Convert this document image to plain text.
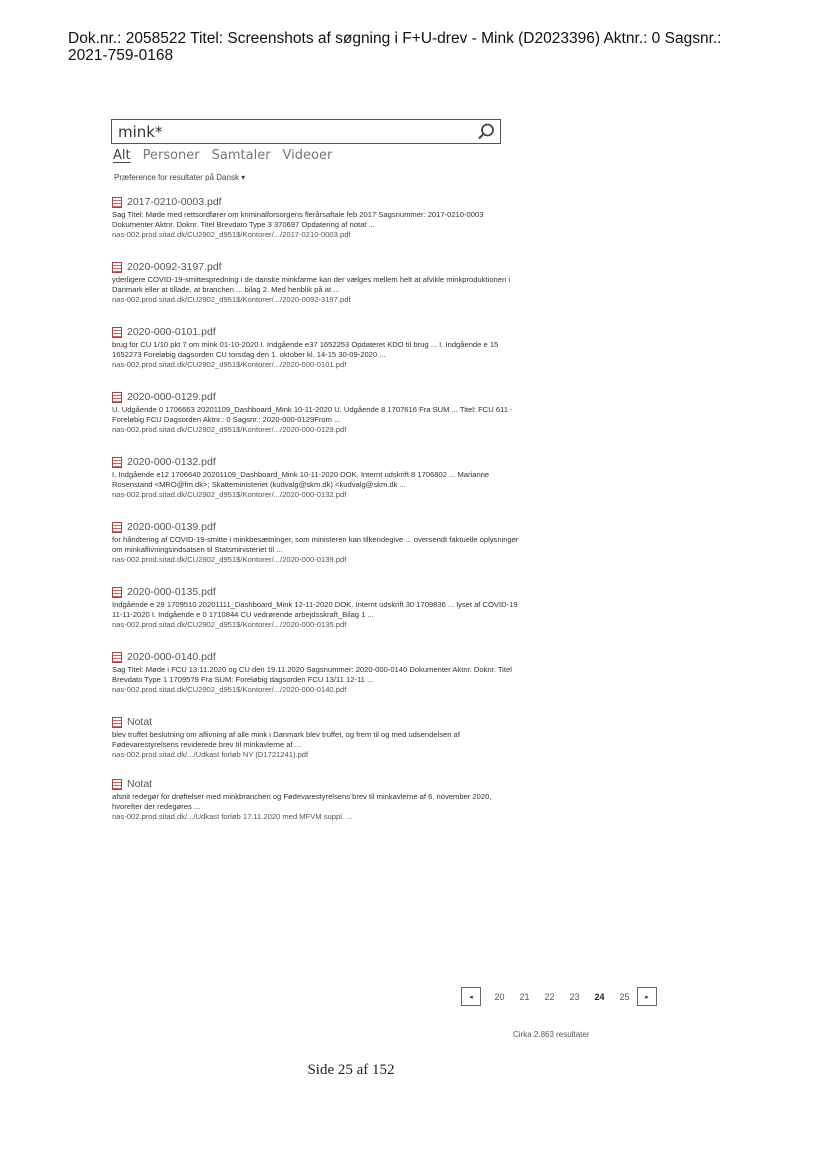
Dok.nr.: 2058522 Titel: Screenshots af søgning i F+U-drev - Mink (D2023396) Aktnr.: 0 Sagsnr.:
2021-759-0168
mink*
Alt Personer Samtaler Videoer
Præference for resultater på Dansk ▾
2017-0210-0003.pdf
Sag Titel: Møde med rettsordfører om kriminalforsorgens flerårsaftale feb 2017 Sagsnummer: 2017-0210-0003 Dokumenter Aktnr. Doknr. Titel Brevdato Type 3 370697 Opdatering af notat ...
nas-002.prod.sitad.dk/CU2902_d951$/Kontorer/.../2017-0210-0003.pdf
2020-0092-3197.pdf
yderligere COVID-19-smittespredning i de danske minkfarme kan der vælges mellem helt at afvikle minkproduktionen i Danmark eller at tillade, at branchen ... bilag 2. Med henblik på at ...
nas-002.prod.sitad.dk/CU2902_d951$/Kontorer/.../2020-0092-3197.pdf
2020-000-0101.pdf
brug for CU 1/10 pkt 7 om mink 01-10-2020 I. Indgående e37 1652253 Opdateret KDO til brug ... I. Indgående e 15 1652273 Foreløbig dagsorden CU torsdag den 1. oktober kl. 14-15 30-09-2020 ...
nas-002.prod.sitad.dk/CU2902_d951$/Kontorer/.../2020-000-0101.pdf
2020-000-0129.pdf
U. Udgående 0 1706663 20201109_Dashboard_Mink 10-11-2020 U. Udgående 8 1707616 Fra SUM ... Titel: FCU 611 - Foreløbig FCU Dagsorden Aktnr.: 0 Sagsnr.: 2020-000-0129From ...
nas-002.prod.sitad.dk/CU2902_d951$/Kontorer/.../2020-000-0129.pdf
2020-000-0132.pdf
I. Indgående e12 1706640 20201109_Dashboard_Mink 10-11-2020 DOK. Internt udskrift 8 1706802 ... Marianne Rosenstand <MRO@fm.dk>; Skatteministeriet (kudvalg@skm.dk) <kudvalg@skm.dk ...
nas-002.prod.sitad.dk/CU2902_d951$/Kontorer/.../2020-000-0132.pdf
2020-000-0139.pdf
for håndtering af COVID-19-smitte i minkbesætninger, som ministeren kan tilkendegive ... oversendt faktuelle oplysninger om minkaflivningsindsatsen til Statsministeriet til ...
nas-002.prod.sitad.dk/CU2902_d951$/Kontorer/.../2020-000-0139.pdf
2020-000-0135.pdf
Indgående e 29 1709510 20201111_Dashboard_Mink 12-11-2020 DOK. Internt udskrift 30 1709836 ... lyset af COVID-19 11-11-2020 I. Indgående e 0 1710844 CU vedrørende arbejdsskraft_Bilag 1 ...
nas-002.prod.sitad.dk/CU2902_d951$/Kontorer/.../2020-000-0135.pdf
2020-000-0140.pdf
Sag Titel: Møde i FCU 13.11.2020 og CU den 19.11.2020 Sagsnummer: 2020-000-0140 Dokumenter Aktnr. Doknr. Titel Brevdato Type 1 1709579 Fra SUM: Foreløbig dagsorden FCU 13/11 12-11 ...
nas-002.prod.sitad.dk/CU2902_d951$/Kontorer/.../2020-000-0140.pdf
Notat
blev truffet beslutning om aflivning af alle mink i Danmark blev truffet, og frem til og med udsendelsen af Fødevarestyrelsens reviderede brev til minkavlerne af ...
nas-002.prod.sitad.dk/.../Udkast forløb NY (D1721241).pdf
Notat
afsnit redegør for drøftelser med minkbranchen og Fødevarestyrelsens brev til minkavlerne af 6. november 2020, hvorefter der redegøres ...
nas-002.prod.sitad.dk/.../Udkast forløb 17.11.2020 med MFVM suppl. ...
◂	20	21	22	23	24	25	▸
Cirka 2.863 resultater
Side 25 af 152
